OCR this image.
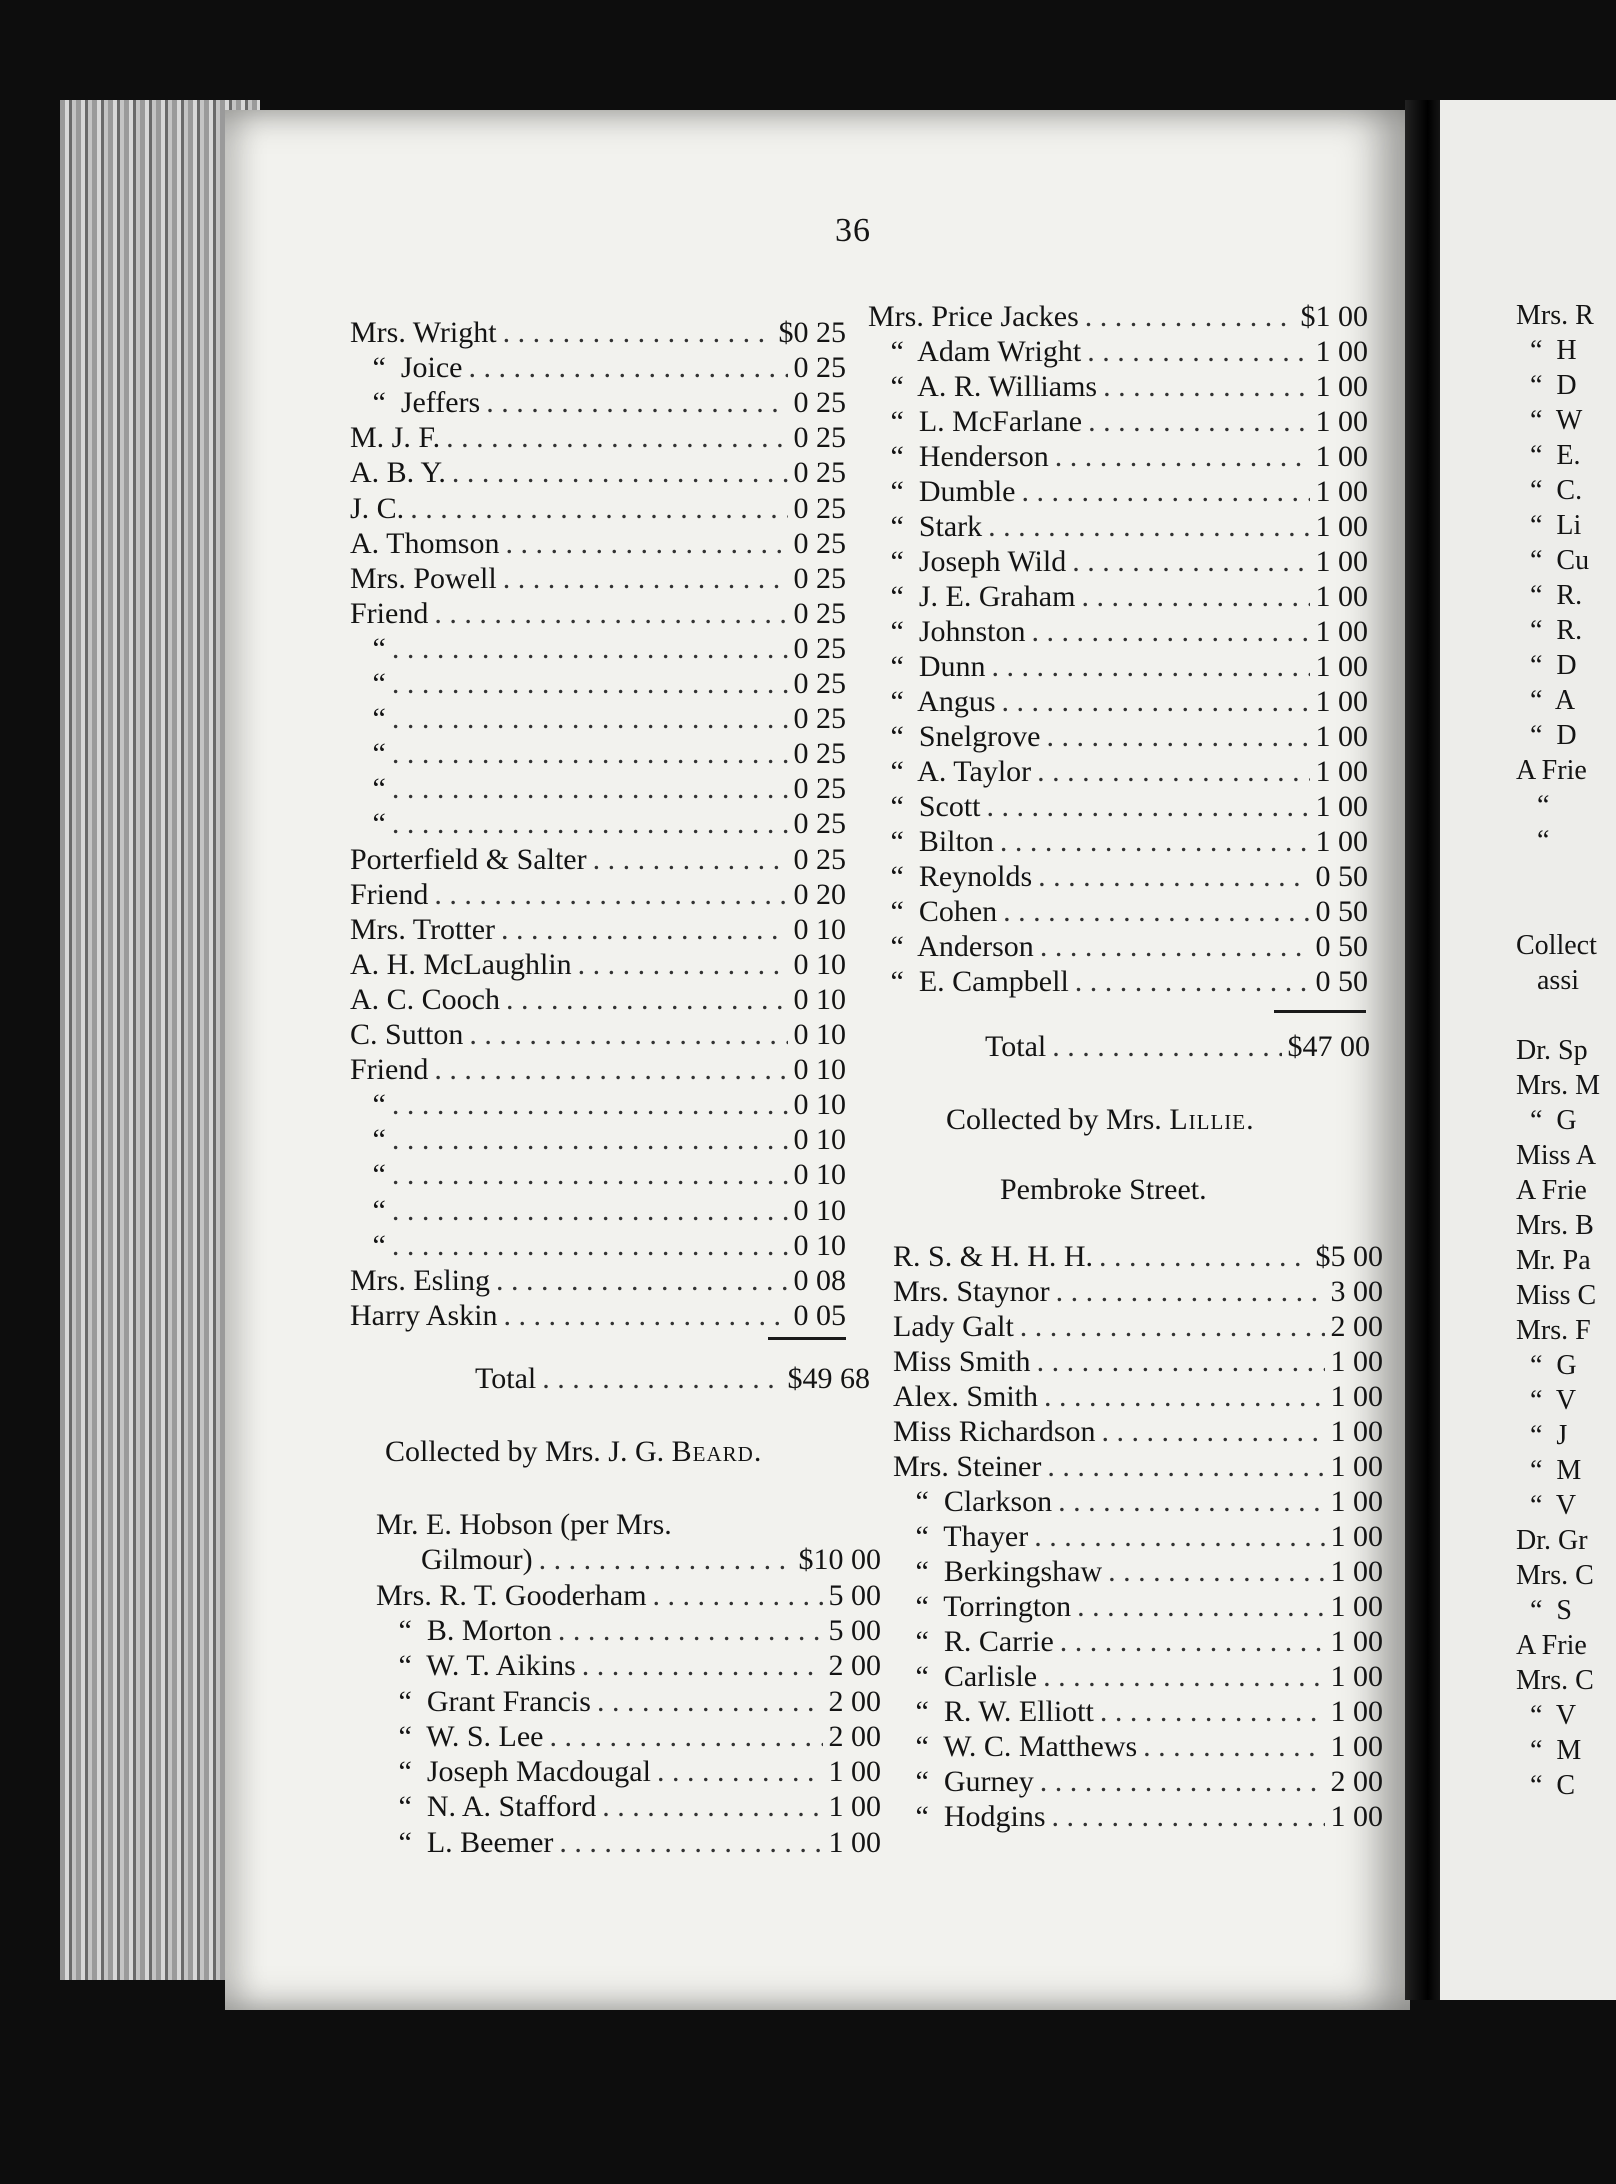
Mrs. R
“  H
“  D
“  W
“  E.
“  C.
“  Li
“  Cu
“  R.
“  R.
“  D
“  A
“  D
A Frie
“
“
Collect
assi
Dr. Sp
Mrs. M
“  G
Miss A
A Frie
Mrs. B
Mr. Pa
Miss C
Mrs. F
“  G
“  V
“  J
“  M
“  V
Dr. Gr
Mrs. C
“  S
A Frie
Mrs. C
“  V
“  M
“  C
36
Mrs. Wright . . .	$0 25
“  Joice . . .	0 25
“  Jeffers . . .	0 25
M. J. F. . . .	0 25
A. B. Y. . . .	0 25
J. C. . . .	0 25
A. Thomson . . .	0 25
Mrs. Powell . . .	0 25
Friend . . .	0 25
“ . . .	0 25
“ . . .	0 25
“ . . .	0 25
“ . . .	0 25
“ . . .	0 25
“ . . .	0 25
Porterfield & Salter . . .	0 25
Friend . . .	0 20
Mrs. Trotter . . .	0 10
A. H. McLaughlin . . .	0 10
A. C. Cooch . . .	0 10
C. Sutton . . .	0 10
Friend . . .	0 10
“ . . .	0 10
“ . . .	0 10
“ . . .	0 10
“ . . .	0 10
“ . . .	0 10
Mrs. Esling . . .	0 08
Harry Askin . . .	0 05
Total . . .	$49 68
Mr. E. Hobson (per Mrs.
Gilmour) . . .	$10 00
Mrs. R. T. Gooderham . . .	5 00
“  B. Morton . . .	5 00
“  W. T. Aikins . . .	2 00
“  Grant Francis . . .	2 00
“  W. S. Lee . . .	2 00
“  Joseph Macdougal . . .	1 00
“  N. A. Stafford . . .	1 00
“  L. Beemer . . .	1 00
Mrs. Price Jackes . . .	$1 00
“  Adam Wright . . .	1 00
“  A. R. Williams . . .	1 00
“  L. McFarlane . . .	1 00
“  Henderson . . .	1 00
“  Dumble . . .	1 00
“  Stark . . .	1 00
“  Joseph Wild . . .	1 00
“  J. E. Graham . . .	1 00
“  Johnston . . .	1 00
“  Dunn . . .	1 00
“  Angus . . .	1 00
“  Snelgrove . . .	1 00
“  A. Taylor . . .	1 00
“  Scott . . .	1 00
“  Bilton . . .	1 00
“  Reynolds . . .	0 50
“  Cohen . . .	0 50
“  Anderson . . .	0 50
“  E. Campbell . . .	0 50
Total . . .	$47 00
R. S. & H. H. H. . . .	$5 00
Mrs. Staynor . . .	3 00
Lady Galt . . .	2 00
Miss Smith . . .	1 00
Alex. Smith . . .	1 00
Miss Richardson . . .	1 00
Mrs. Steiner . . .	1 00
“  Clarkson . . .	1 00
“  Thayer . . .	1 00
“  Berkingshaw . . .	1 00
“  Torrington . . .	1 00
“  R. Carrie . . .	1 00
“  Carlisle . . .	1 00
“  R. W. Elliott . . .	1 00
“  W. C. Matthews . . .	1 00
“  Gurney . . .	2 00
“  Hodgins . . .	1 00
Collected by Mrs. J. G. Beard.
Collected by Mrs. Lillie.
Pembroke Street.
